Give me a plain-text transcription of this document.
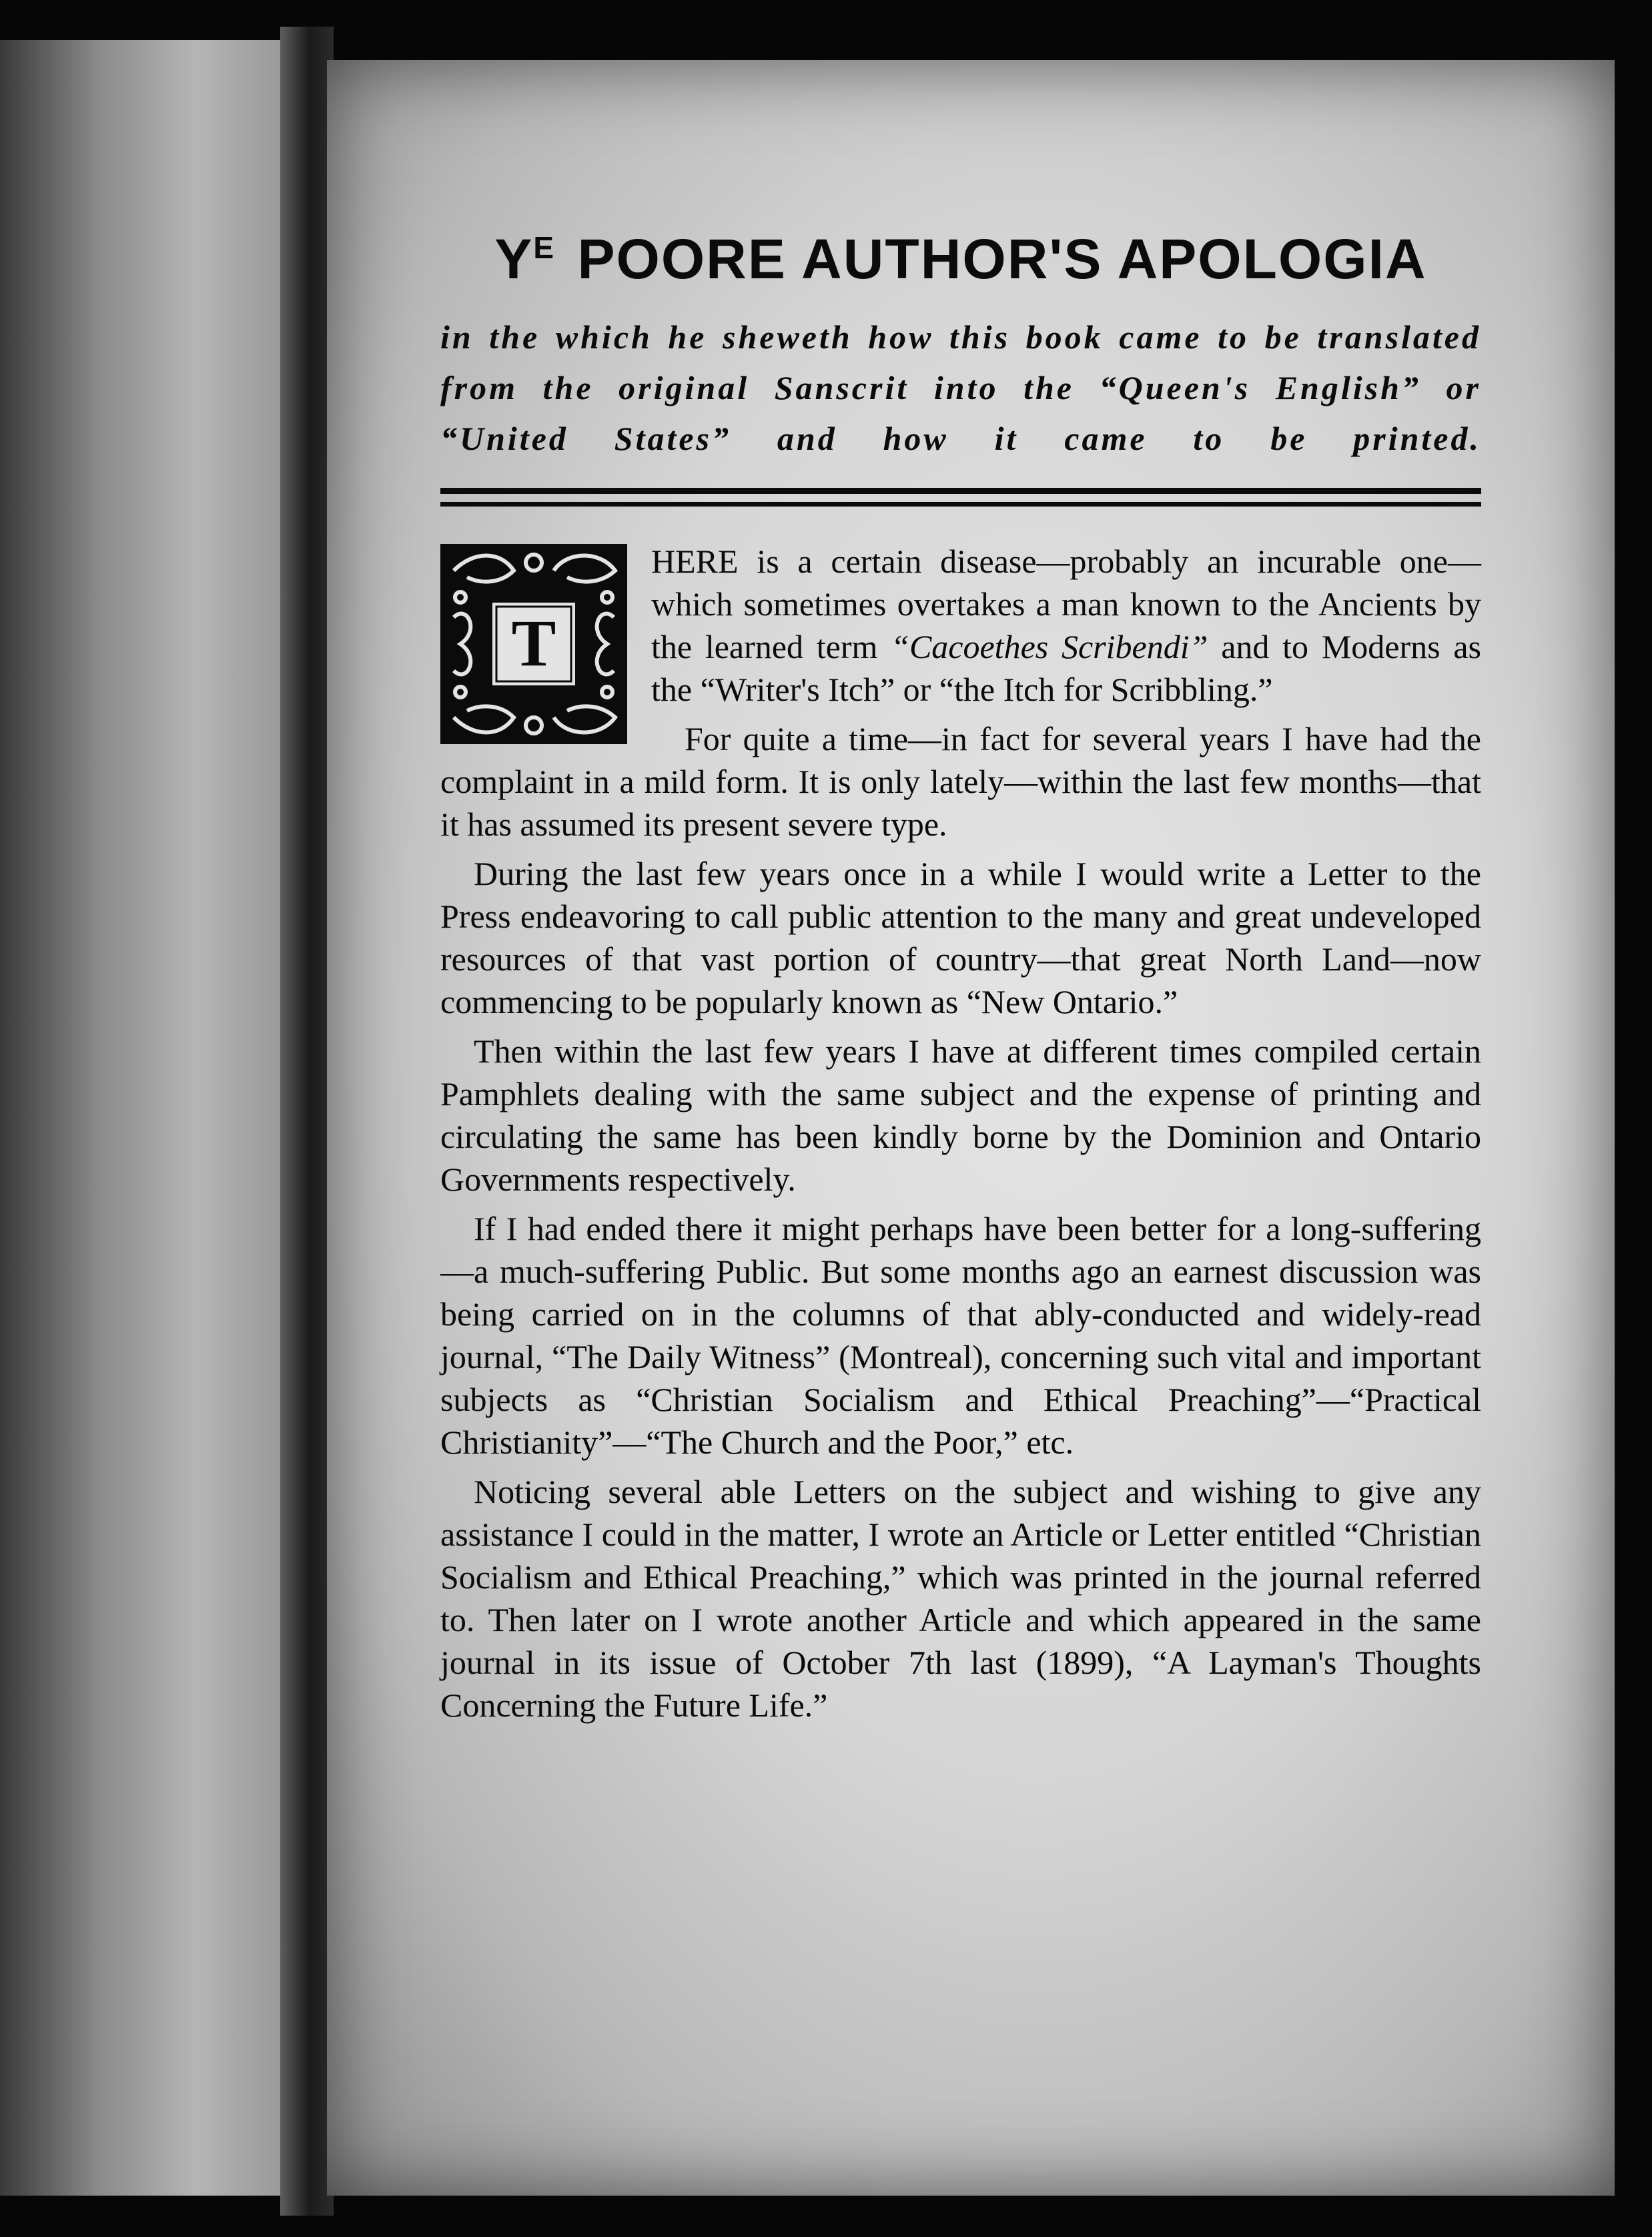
$Y^E$ POORE AUTHOR'S APOLOGIA

in the which he sheweth how this book came to be translated from the original Sanscrit into the “Queen's English” or “United States” and how it came to be printed.

T

HERE is a certain disease—probably an incurable one—which sometimes overtakes a man known to the Ancients by the learned term “Cacoethes Scribendi” and to Moderns as the “Writer's Itch” or “the Itch for Scribbling.”

For quite a time—in fact for several years I have had the complaint in a mild form. It is only lately—within the last few months—that it has assumed its present severe type.

During the last few years once in a while I would write a Letter to the Press endeavoring to call public attention to the many and great undeveloped resources of that vast portion of country—that great North Land—now commencing to be popularly known as “New Ontario.”

Then within the last few years I have at different times compiled certain Pamphlets dealing with the same subject and the expense of printing and circulating the same has been kindly borne by the Dominion and Ontario Governments respectively.

If I had ended there it might perhaps have been better for a long-suffering—a much-suffering Public. But some months ago an earnest discussion was being carried on in the columns of that ably-conducted and widely-read journal, “The Daily Witness” (Montreal), concerning such vital and important subjects as “Christian Socialism and Ethical Preaching”—“Practical Christianity”—“The Church and the Poor,” etc.

Noticing several able Letters on the subject and wishing to give any assistance I could in the matter, I wrote an Article or Letter entitled “Christian Socialism and Ethical Preaching,” which was printed in the journal referred to. Then later on I wrote another Article and which appeared in the same journal in its issue of October 7th last (1899), “A Layman's Thoughts Concerning the Future Life.”
